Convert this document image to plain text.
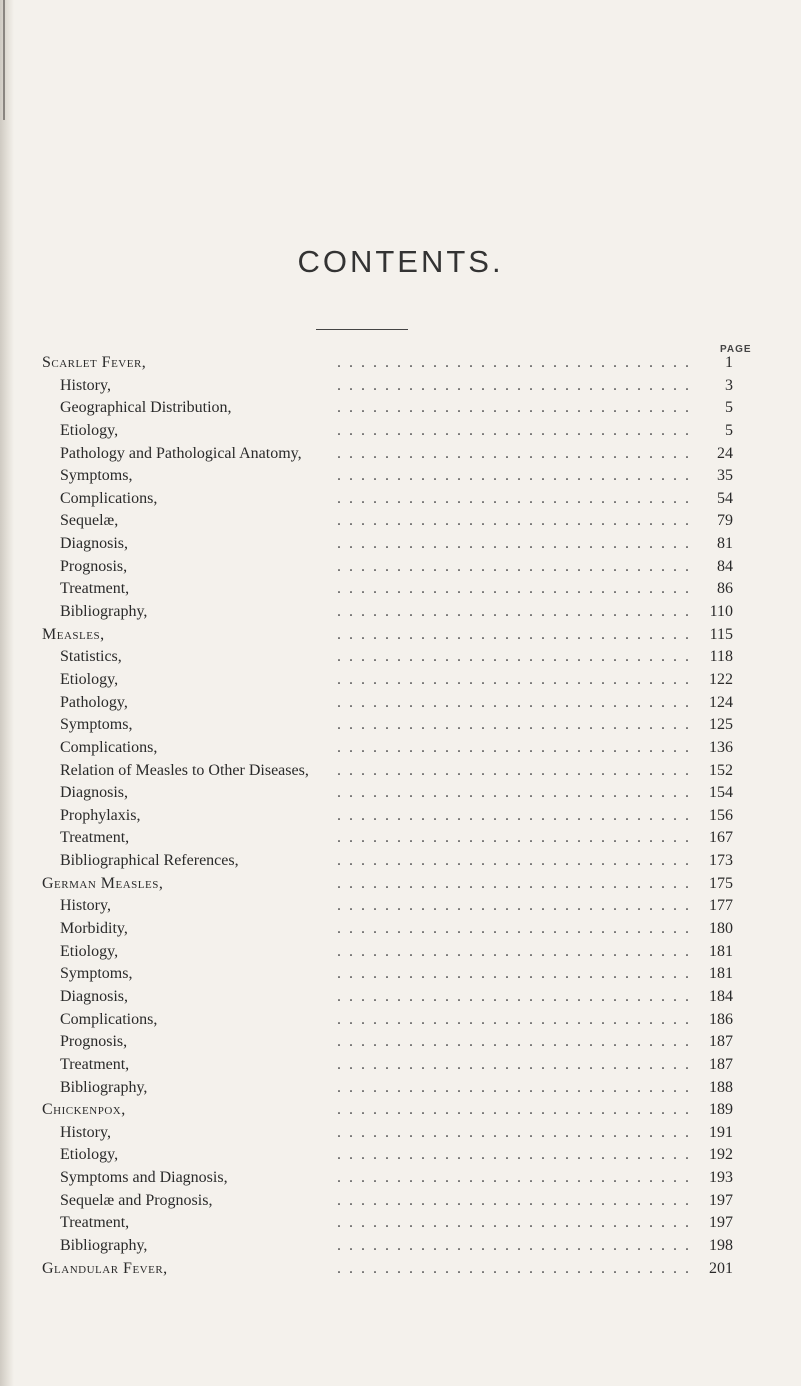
CONTENTS.
PAGE
Scarlet Fever,	. . . . . . . . . . . . . . . . . . . . . . . . . . . . . .	1
History,	. . . . . . . . . . . . . . . . . . . . . . . . . . . . . .	3
Geographical Distribution,	. . . . . . . . . . . . . . . . . . . . . . . . . . . . . .	5
Etiology,	. . . . . . . . . . . . . . . . . . . . . . . . . . . . . .	5
Pathology and Pathological Anatomy,	. . . . . . . . . . . . . . . . . . . . . . . . . . . . . .	24
Symptoms,	. . . . . . . . . . . . . . . . . . . . . . . . . . . . . .	35
Complications,	. . . . . . . . . . . . . . . . . . . . . . . . . . . . . .	54
Sequelæ,	. . . . . . . . . . . . . . . . . . . . . . . . . . . . . .	79
Diagnosis,	. . . . . . . . . . . . . . . . . . . . . . . . . . . . . .	81
Prognosis,	. . . . . . . . . . . . . . . . . . . . . . . . . . . . . .	84
Treatment,	. . . . . . . . . . . . . . . . . . . . . . . . . . . . . .	86
Bibliography,	. . . . . . . . . . . . . . . . . . . . . . . . . . . . . .	110
Measles,	. . . . . . . . . . . . . . . . . . . . . . . . . . . . . .	115
Statistics,	. . . . . . . . . . . . . . . . . . . . . . . . . . . . . .	118
Etiology,	. . . . . . . . . . . . . . . . . . . . . . . . . . . . . .	122
Pathology,	. . . . . . . . . . . . . . . . . . . . . . . . . . . . . .	124
Symptoms,	. . . . . . . . . . . . . . . . . . . . . . . . . . . . . .	125
Complications,	. . . . . . . . . . . . . . . . . . . . . . . . . . . . . .	136
Relation of Measles to Other Diseases,	. . . . . . . . . . . . . . . . . . . . . . . . . . . . . .	152
Diagnosis,	. . . . . . . . . . . . . . . . . . . . . . . . . . . . . .	154
Prophylaxis,	. . . . . . . . . . . . . . . . . . . . . . . . . . . . . .	156
Treatment,	. . . . . . . . . . . . . . . . . . . . . . . . . . . . . .	167
Bibliographical References,	. . . . . . . . . . . . . . . . . . . . . . . . . . . . . .	173
German Measles,	. . . . . . . . . . . . . . . . . . . . . . . . . . . . . .	175
History,	. . . . . . . . . . . . . . . . . . . . . . . . . . . . . .	177
Morbidity,	. . . . . . . . . . . . . . . . . . . . . . . . . . . . . .	180
Etiology,	. . . . . . . . . . . . . . . . . . . . . . . . . . . . . .	181
Symptoms,	. . . . . . . . . . . . . . . . . . . . . . . . . . . . . .	181
Diagnosis,	. . . . . . . . . . . . . . . . . . . . . . . . . . . . . .	184
Complications,	. . . . . . . . . . . . . . . . . . . . . . . . . . . . . .	186
Prognosis,	. . . . . . . . . . . . . . . . . . . . . . . . . . . . . .	187
Treatment,	. . . . . . . . . . . . . . . . . . . . . . . . . . . . . .	187
Bibliography,	. . . . . . . . . . . . . . . . . . . . . . . . . . . . . .	188
Chickenpox,	. . . . . . . . . . . . . . . . . . . . . . . . . . . . . .	189
History,	. . . . . . . . . . . . . . . . . . . . . . . . . . . . . .	191
Etiology,	. . . . . . . . . . . . . . . . . . . . . . . . . . . . . .	192
Symptoms and Diagnosis,	. . . . . . . . . . . . . . . . . . . . . . . . . . . . . .	193
Sequelæ and Prognosis,	. . . . . . . . . . . . . . . . . . . . . . . . . . . . . .	197
Treatment,	. . . . . . . . . . . . . . . . . . . . . . . . . . . . . .	197
Bibliography,	. . . . . . . . . . . . . . . . . . . . . . . . . . . . . .	198
Glandular Fever,	. . . . . . . . . . . . . . . . . . . . . . . . . . . . . .	201
